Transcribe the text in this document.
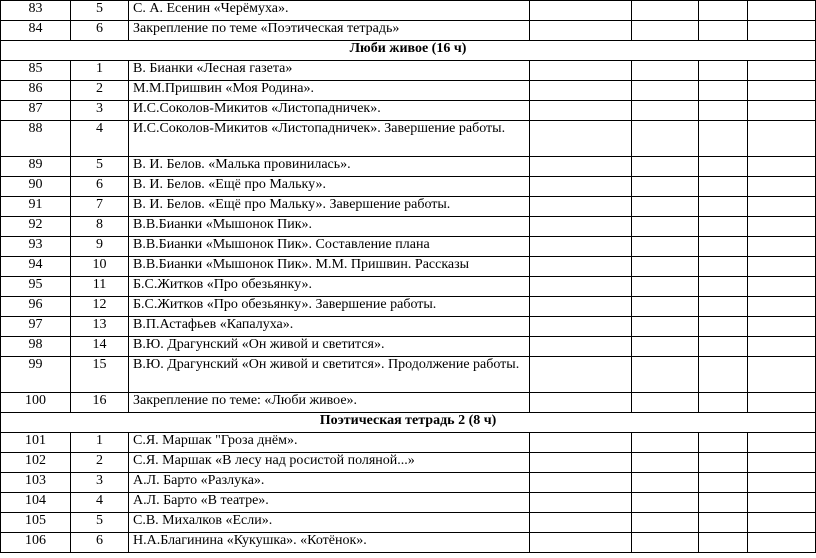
83	5	С. А. Есенин «Черёмуха».				
84	6	Закрепление по теме «Поэтическая тетрадь»				
Люби живое (16 ч)						
85	1	В. Бианки «Лесная газета»				
86	2	М.М.Пришвин «Моя Родина».				
87	3	И.С.Соколов-Микитов «Листопадничек».				
88	4	И.С.Соколов-Микитов «Листопадничек». Завершение работы.				
89	5	В. И. Белов. «Малька провинилась».				
90	6	В. И. Белов. «Ещё про Мальку».				
91	7	В. И. Белов. «Ещё про Мальку». Завершение работы.				
92	8	В.В.Бианки «Мышонок Пик».				
93	9	В.В.Бианки «Мышонок Пик». Составление плана				
94	10	В.В.Бианки «Мышонок Пик». М.М. Пришвин. Рассказы				
95	11	Б.С.Житков «Про обезьянку».				
96	12	Б.С.Житков «Про обезьянку». Завершение работы.				
97	13	В.П.Астафьев «Капалуха».				
98	14	В.Ю. Драгунский «Он живой и светится».				
99	15	В.Ю. Драгунский «Он живой и светится». Продолжение работы.				
100	16	Закрепление по теме: «Люби живое».				
Поэтическая тетрадь 2 (8 ч)						
101	1	С.Я. Маршак "Гроза днём».				
102	2	С.Я. Маршак «В лесу над росистой поляной...»				
103	3	А.Л. Барто «Разлука».				
104	4	А.Л. Барто «В театре».				
105	5	С.В. Михалков «Если».				
106	6	Н.А.Благинина «Кукушка». «Котёнок».				
